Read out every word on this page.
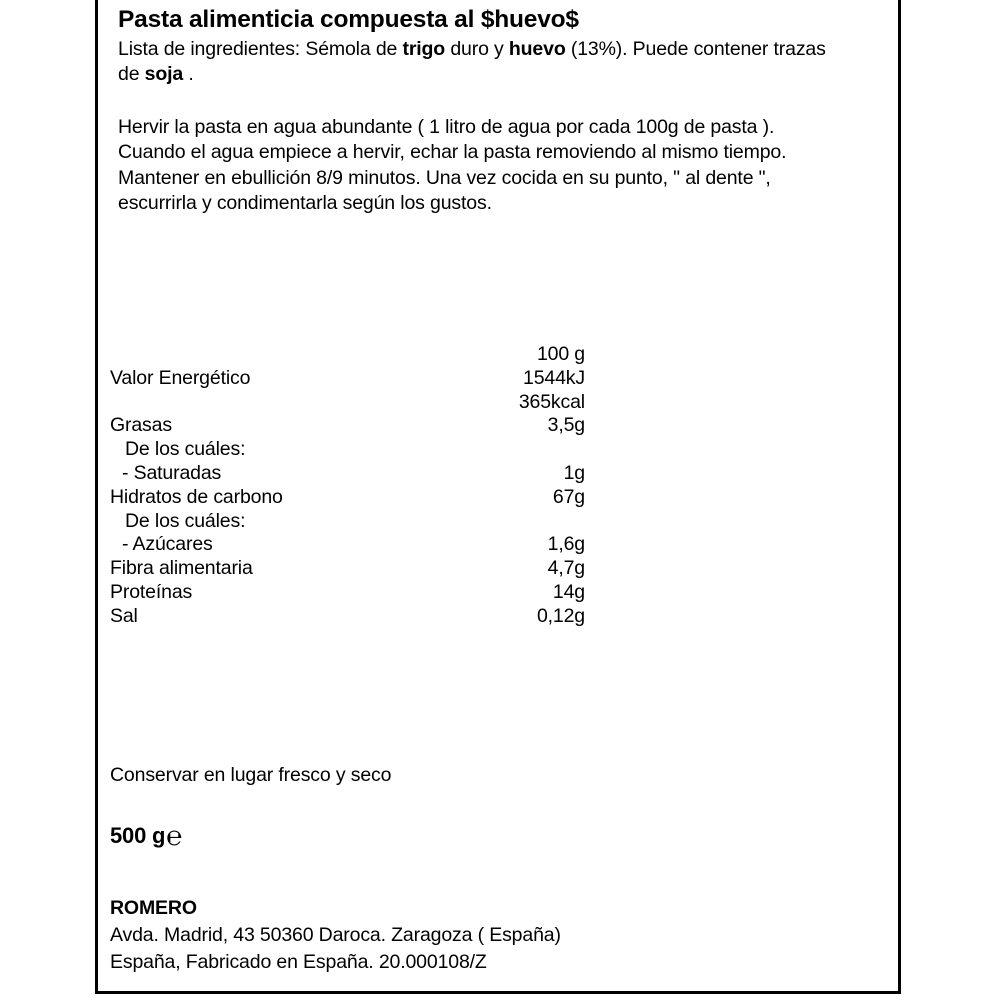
Pasta alimenticia compuesta al $huevo$

Lista de ingredientes: Sémola de trigo duro y huevo (13%). Puede contener trazas de soja .

Hervir la pasta en agua abundante ( 1 litro de agua por cada 100g de pasta ).
Cuando el agua empiece a hervir, echar la pasta removiendo al mismo tiempo.
Mantener en ebullición 8/9 minutos. Una vez cocida en su punto, " al dente ",
escurrirla y condimentarla según los gustos.
	100 g
Valor Energético	1544kJ
	365kcal
Grasas	3,5g
De los cuáles:	
- Saturadas	1g
Hidratos de carbono	67g
De los cuáles:	
- Azúcares	1,6g
Fibra alimentaria	4,7g
Proteínas	14g
Sal	0,12g
Conservar en lugar fresco y seco
500 g℮
ROMERO
Avda. Madrid, 43 50360 Daroca. Zaragoza ( España)
España, Fabricado en España. 20.000108/Z
